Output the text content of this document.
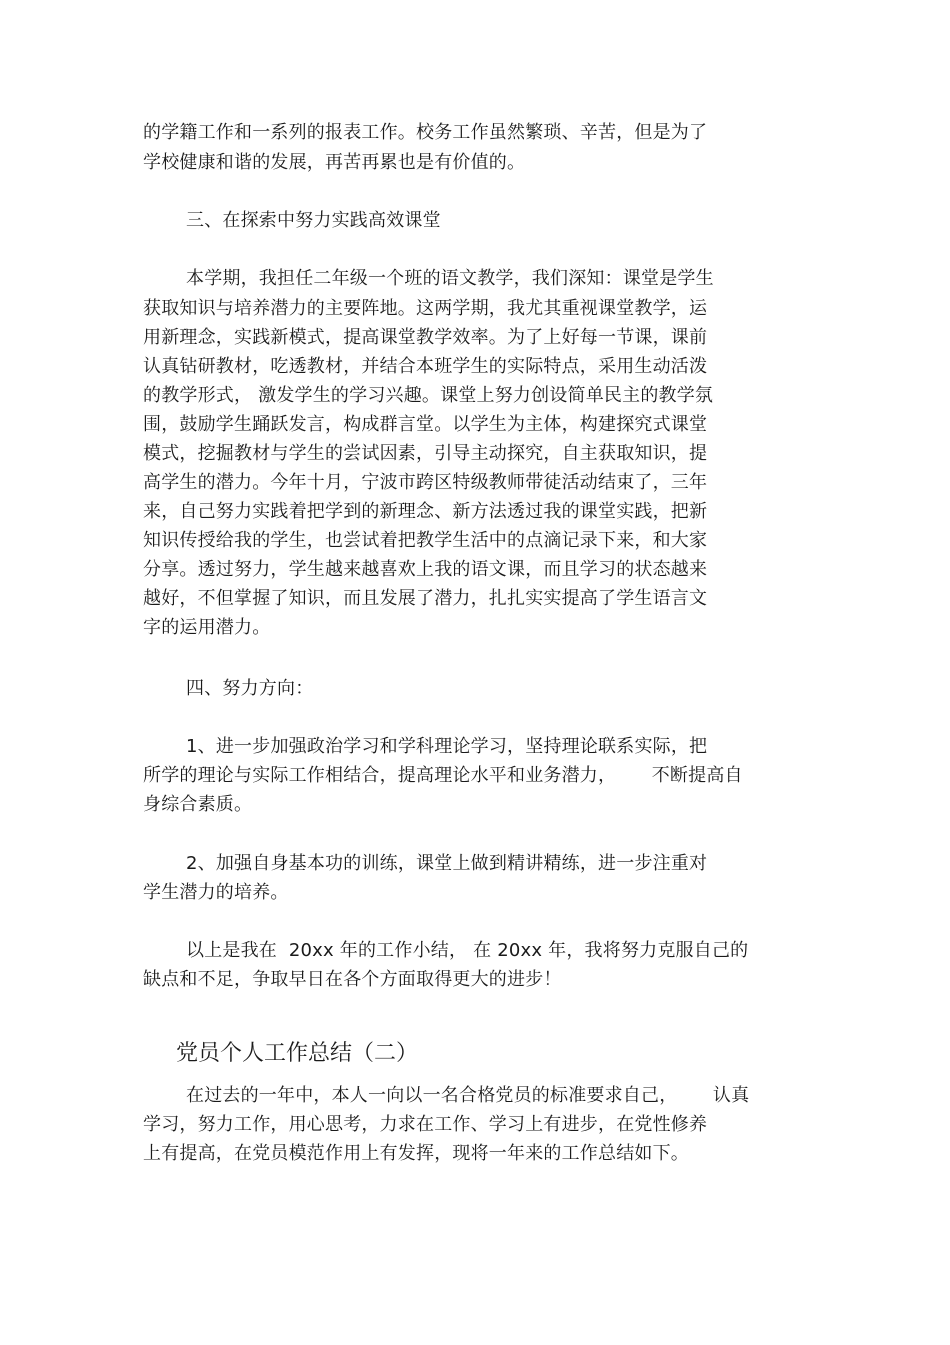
的学籍工作和一系列的报表工作。校务工作虽然繁琐、辛苦，但是为了
学校健康和谐的发展，再苦再累也是有价值的。
三、在探索中努力实践高效课堂
本学期，我担任二年级一个班的语文教学，我们深知：课堂是学生
获取知识与培养潜力的主要阵地。这两学期，我尤其重视课堂教学，运
用新理念，实践新模式，提高课堂教学效率。为了上好每一节课，课前
认真钻研教材，吃透教材，并结合本班学生的实际特点，采用生动活泼
的教学形式， 激发学生的学习兴趣。课堂上努力创设简单民主的教学氛
围，鼓励学生踊跃发言，构成群言堂。以学生为主体，构建探究式课堂
模式，挖掘教材与学生的尝试因素，引导主动探究，自主获取知识，提
高学生的潜力。今年十月，宁波市跨区特级教师带徒活动结束了，三年
来，自己努力实践着把学到的新理念、新方法透过我的课堂实践，把新
知识传授给我的学生，也尝试着把教学生活中的点滴记录下来，和大家
分享。透过努力，学生越来越喜欢上我的语文课，而且学习的状态越来
越好，不但掌握了知识，而且发展了潜力，扎扎实实提高了学生语言文
字的运用潜力。
四、努力方向：
1、进一步加强政治学习和学科理论学习，坚持理论联系实际，把
所学的理论与实际工作相结合，提高理论水平和业务潜力，      不断提高自
身综合素质。
2、加强自身基本功的训练，课堂上做到精讲精练，进一步注重对
学生潜力的培养。
以上是我在  20xx 年的工作小结， 在 20xx 年，我将努力克服自己的
缺点和不足，争取早日在各个方面取得更大的进步！
党员个人工作总结（二）
在过去的一年中，本人一向以一名合格党员的标准要求自己，      认真
学习，努力工作，用心思考，力求在工作、学习上有进步，在党性修养
上有提高，在党员模范作用上有发挥，现将一年来的工作总结如下。
